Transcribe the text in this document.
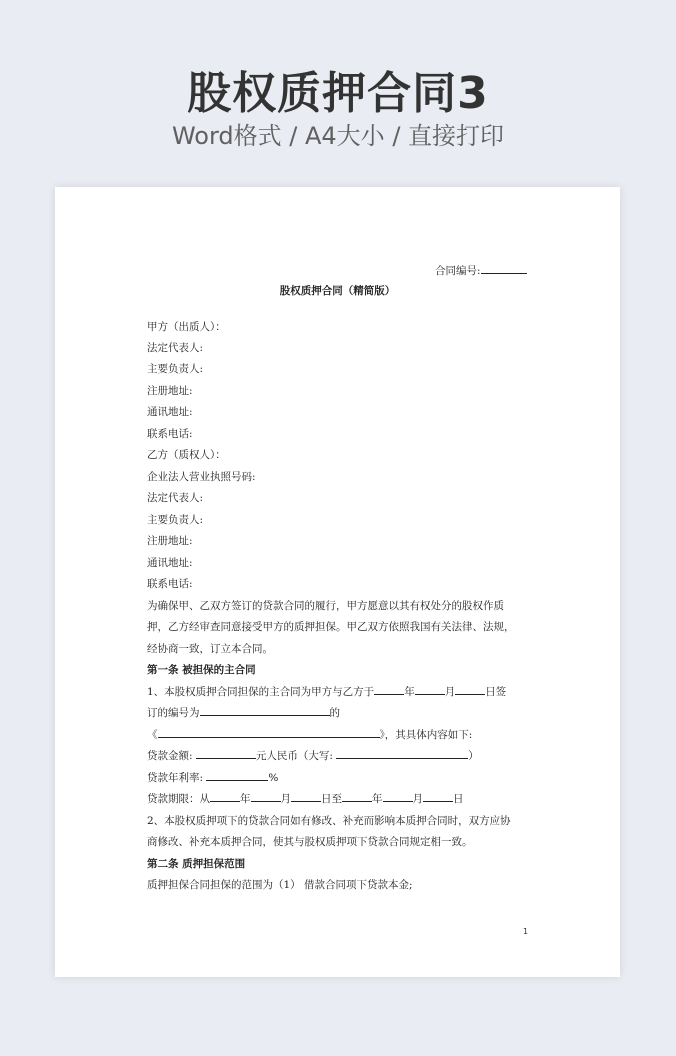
股权质押合同3
Word格式 / A4大小 / 直接打印
合同编号:
股权质押合同（精简版）
甲方（出质人）：
法定代表人:
主要负责人:
注册地址:
通讯地址:
联系电话:
乙方（质权人）：
企业法人营业执照号码:
法定代表人:
主要负责人:
注册地址:
通讯地址:
联系电话:
为确保甲、乙双方签订的贷款合同的履行，甲方愿意以其有权处分的股权作质
押，乙方经审查同意接受甲方的质押担保。甲乙双方依照我国有关法律、法规，
经协商一致，订立本合同。
第一条 被担保的主合同
1、本股权质押合同担保的主合同为甲方与乙方于	年	月	日签
订的编号为	的
《	》，其具体内容如下:
贷款金额:	元人民币（大写:	）
贷款年利率:	%
贷款期限：从	年	月	日至	年	月	日
2、本股权质押项下的贷款合同如有修改、补充而影响本质押合同时，双方应协
商修改、补充本质押合同，使其与股权质押项下贷款合同规定相一致。
第二条 质押担保范围
质押担保合同担保的范围为（1） 借款合同项下贷款本金;
1
